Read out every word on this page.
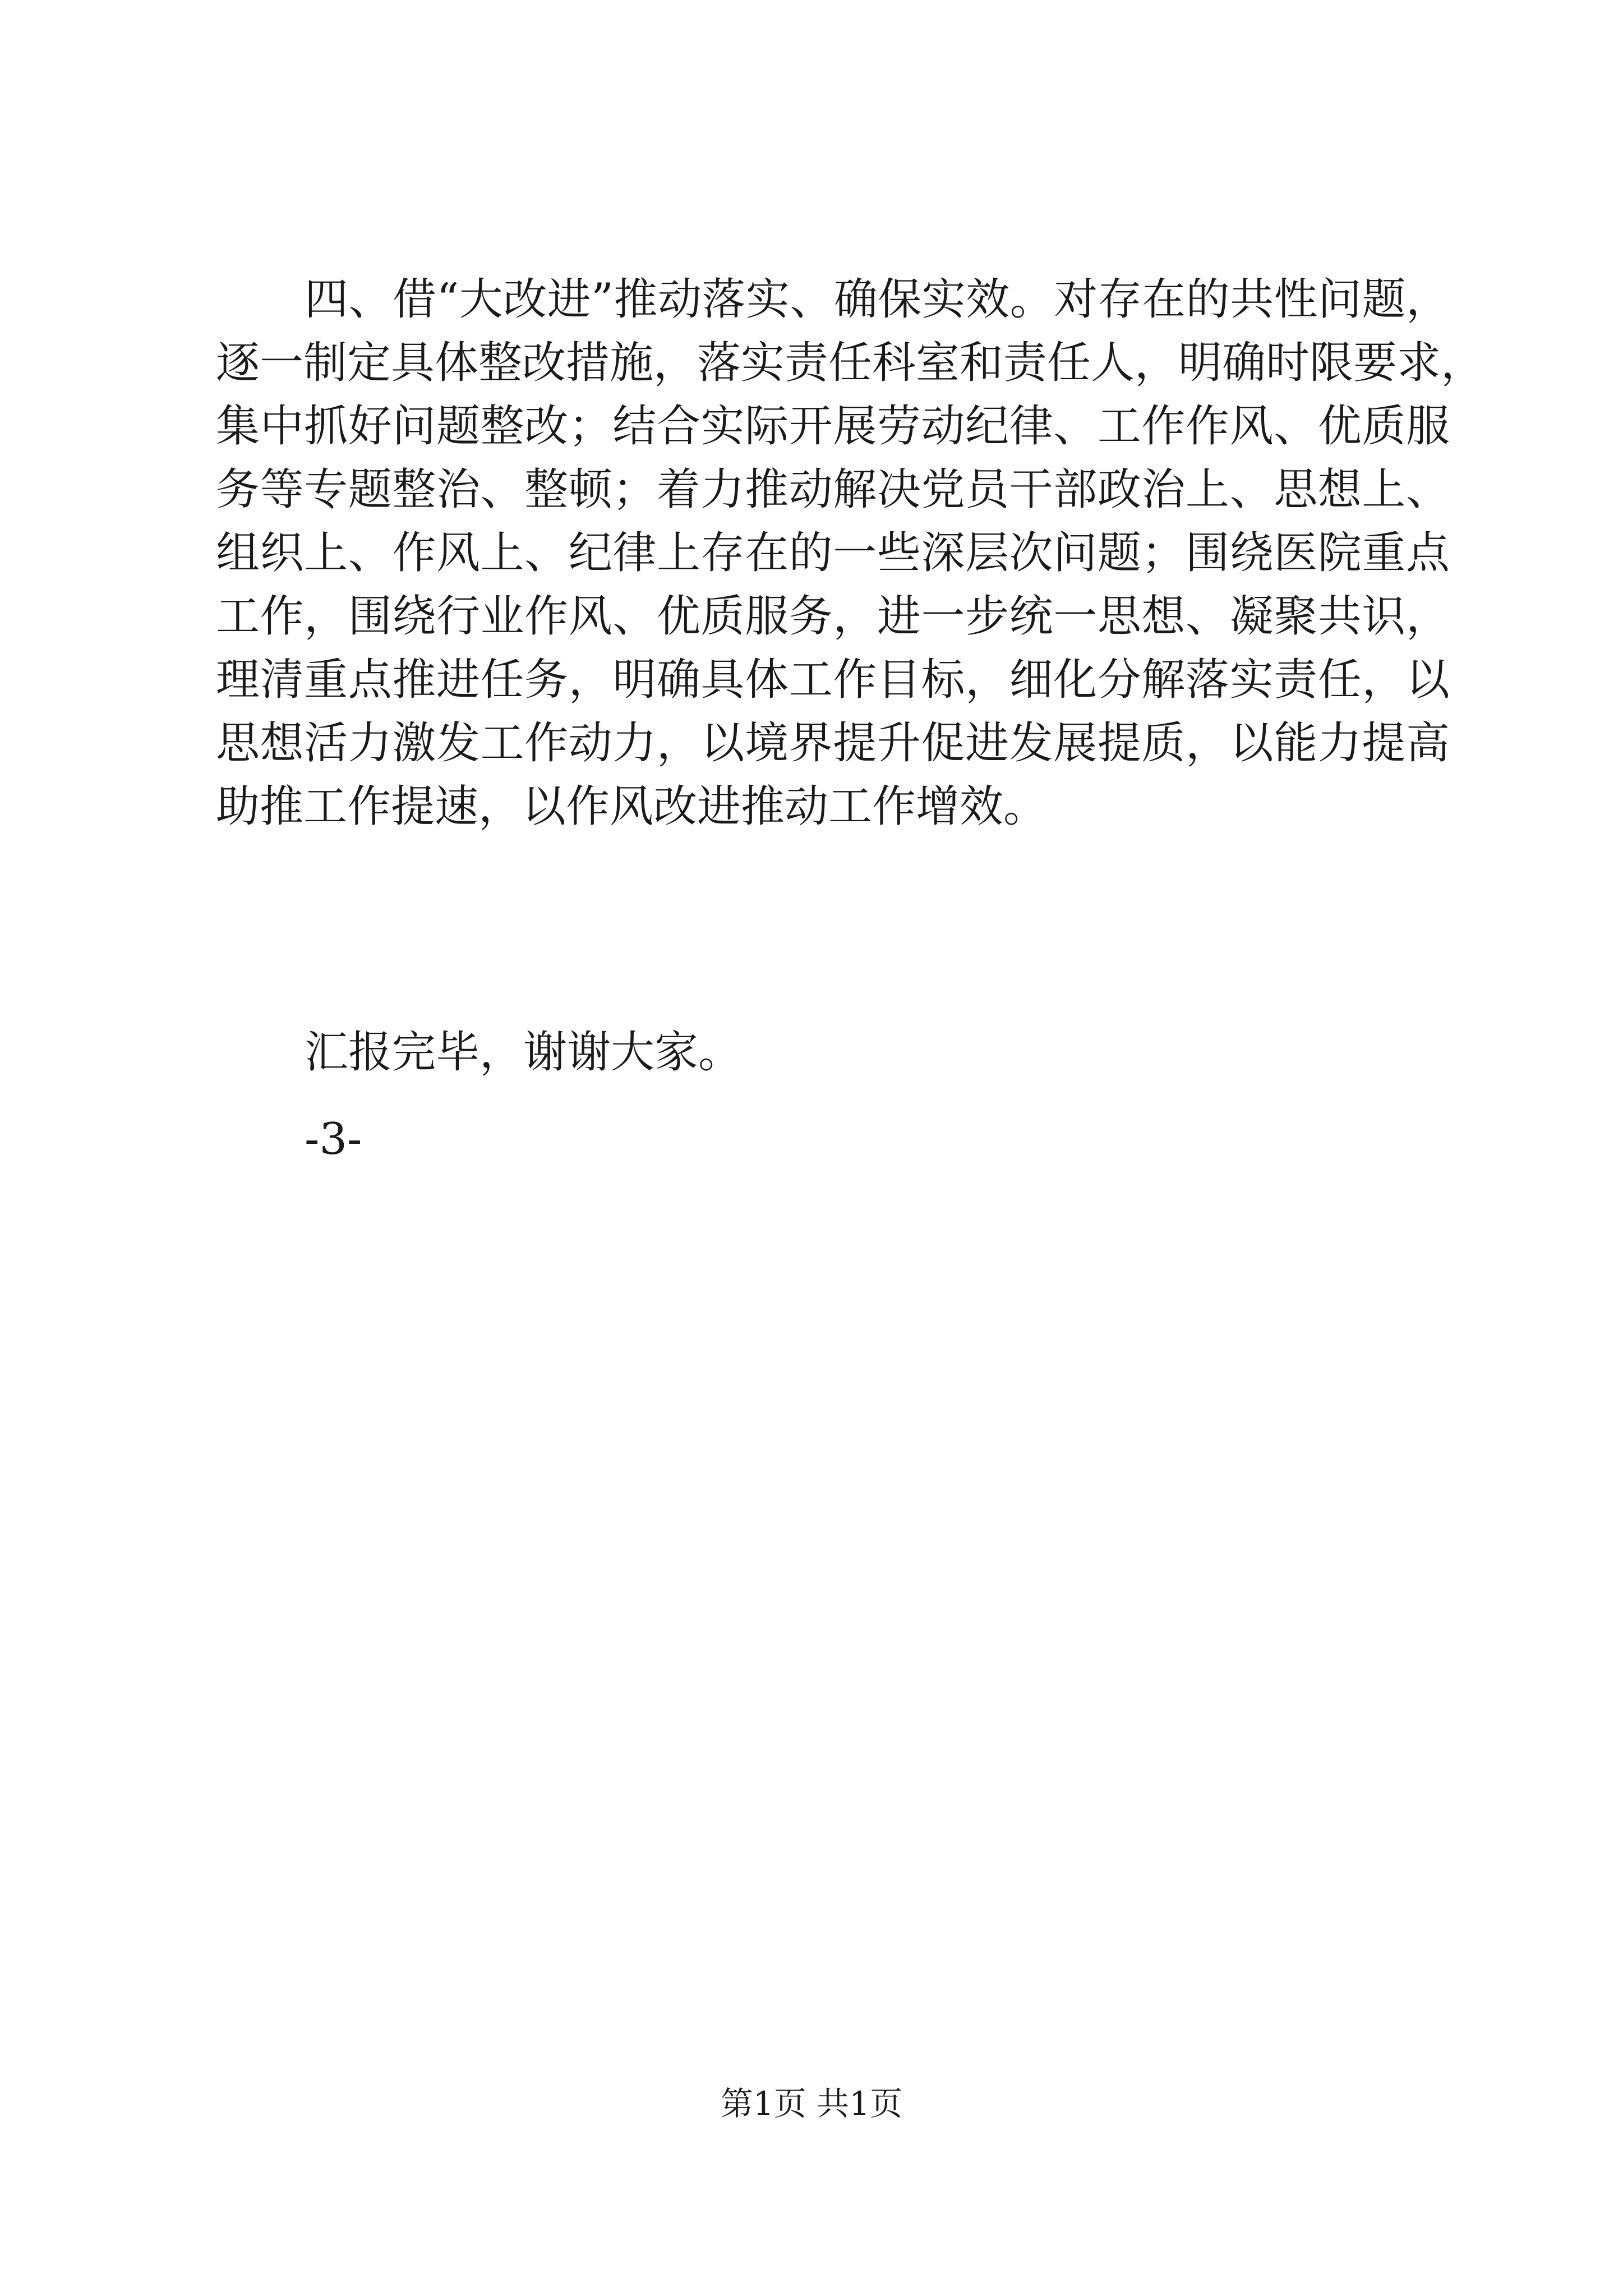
四、借“大改进”推动落实、确保实效。对存在的共性问题，
逐一制定具体整改措施，落实责任科室和责任人，明确时限要求，
集中抓好问题整改；结合实际开展劳动纪律、工作作风、优质服
务等专题整治、整顿；着力推动解决党员干部政治上、思想上、
组织上、作风上、纪律上存在的一些深层次问题；围绕医院重点
工作，围绕行业作风、优质服务，进一步统一思想、凝聚共识，
理清重点推进任务，明确具体工作目标，细化分解落实责任，以
思想活力激发工作动力，以境界提升促进发展提质，以能力提高
助推工作提速，以作风改进推动工作增效。
汇报完毕，谢谢大家。
-3-
第1页 共1页
